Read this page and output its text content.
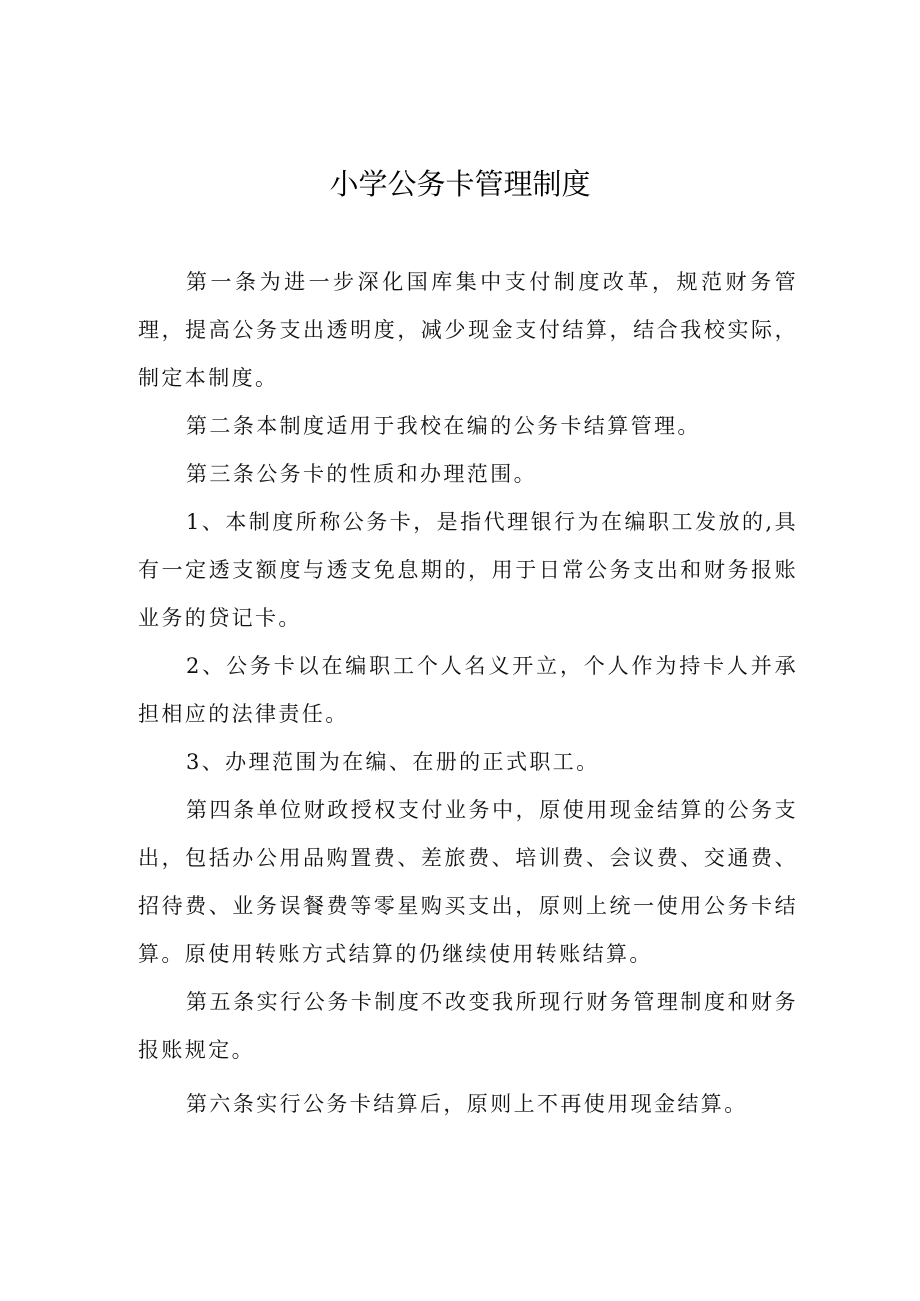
小学公务卡管理制度

第一条为进一步深化国库集中支付制度改革，规范财务管理，提高公务支出透明度，减少现金支付结算，结合我校实际，制定本制度。

第二条本制度适用于我校在编的公务卡结算管理。

第三条公务卡的性质和办理范围。

1、本制度所称公务卡，是指代理银行为在编职工发放的,具有一定透支额度与透支免息期的，用于日常公务支出和财务报账业务的贷记卡。

2、公务卡以在编职工个人名义开立，个人作为持卡人并承担相应的法律责任。

3、办理范围为在编、在册的正式职工。

第四条单位财政授权支付业务中，原使用现金结算的公务支出，包括办公用品购置费、差旅费、培训费、会议费、交通费、招待费、业务误餐费等零星购买支出，原则上统一使用公务卡结算。原使用转账方式结算的仍继续使用转账结算。

第五条实行公务卡制度不改变我所现行财务管理制度和财务报账规定。

第六条实行公务卡结算后，原则上不再使用现金结算。
